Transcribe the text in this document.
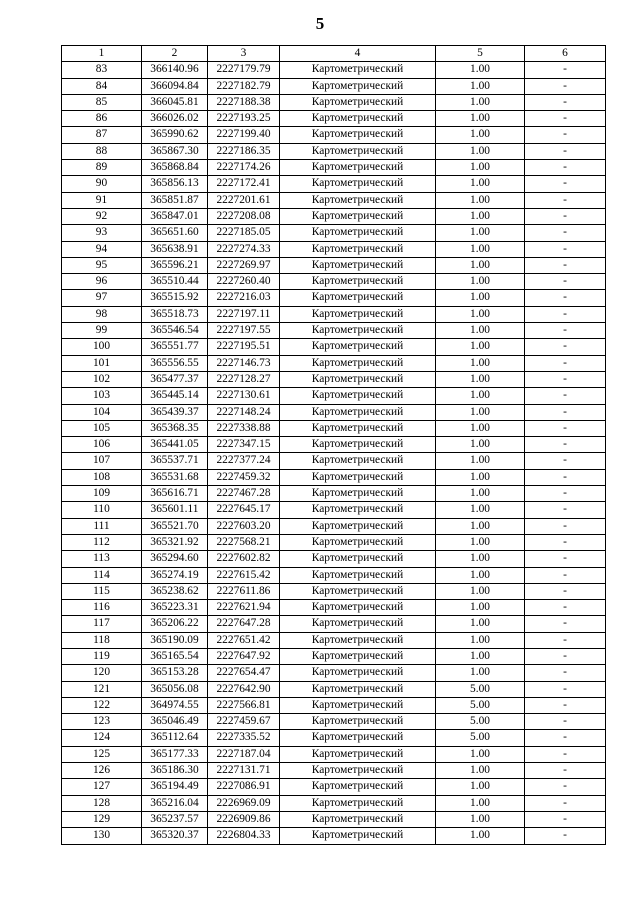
5
1	2	3	4	5	6
83	366140.96	2227179.79	Картометрический	1.00	-
84	366094.84	2227182.79	Картометрический	1.00	-
85	366045.81	2227188.38	Картометрический	1.00	-
86	366026.02	2227193.25	Картометрический	1.00	-
87	365990.62	2227199.40	Картометрический	1.00	-
88	365867.30	2227186.35	Картометрический	1.00	-
89	365868.84	2227174.26	Картометрический	1.00	-
90	365856.13	2227172.41	Картометрический	1.00	-
91	365851.87	2227201.61	Картометрический	1.00	-
92	365847.01	2227208.08	Картометрический	1.00	-
93	365651.60	2227185.05	Картометрический	1.00	-
94	365638.91	2227274.33	Картометрический	1.00	-
95	365596.21	2227269.97	Картометрический	1.00	-
96	365510.44	2227260.40	Картометрический	1.00	-
97	365515.92	2227216.03	Картометрический	1.00	-
98	365518.73	2227197.11	Картометрический	1.00	-
99	365546.54	2227197.55	Картометрический	1.00	-
100	365551.77	2227195.51	Картометрический	1.00	-
101	365556.55	2227146.73	Картометрический	1.00	-
102	365477.37	2227128.27	Картометрический	1.00	-
103	365445.14	2227130.61	Картометрический	1.00	-
104	365439.37	2227148.24	Картометрический	1.00	-
105	365368.35	2227338.88	Картометрический	1.00	-
106	365441.05	2227347.15	Картометрический	1.00	-
107	365537.71	2227377.24	Картометрический	1.00	-
108	365531.68	2227459.32	Картометрический	1.00	-
109	365616.71	2227467.28	Картометрический	1.00	-
110	365601.11	2227645.17	Картометрический	1.00	-
111	365521.70	2227603.20	Картометрический	1.00	-
112	365321.92	2227568.21	Картометрический	1.00	-
113	365294.60	2227602.82	Картометрический	1.00	-
114	365274.19	2227615.42	Картометрический	1.00	-
115	365238.62	2227611.86	Картометрический	1.00	-
116	365223.31	2227621.94	Картометрический	1.00	-
117	365206.22	2227647.28	Картометрический	1.00	-
118	365190.09	2227651.42	Картометрический	1.00	-
119	365165.54	2227647.92	Картометрический	1.00	-
120	365153.28	2227654.47	Картометрический	1.00	-
121	365056.08	2227642.90	Картометрический	5.00	-
122	364974.55	2227566.81	Картометрический	5.00	-
123	365046.49	2227459.67	Картометрический	5.00	-
124	365112.64	2227335.52	Картометрический	5.00	-
125	365177.33	2227187.04	Картометрический	1.00	-
126	365186.30	2227131.71	Картометрический	1.00	-
127	365194.49	2227086.91	Картометрический	1.00	-
128	365216.04	2226969.09	Картометрический	1.00	-
129	365237.57	2226909.86	Картометрический	1.00	-
130	365320.37	2226804.33	Картометрический	1.00	-
